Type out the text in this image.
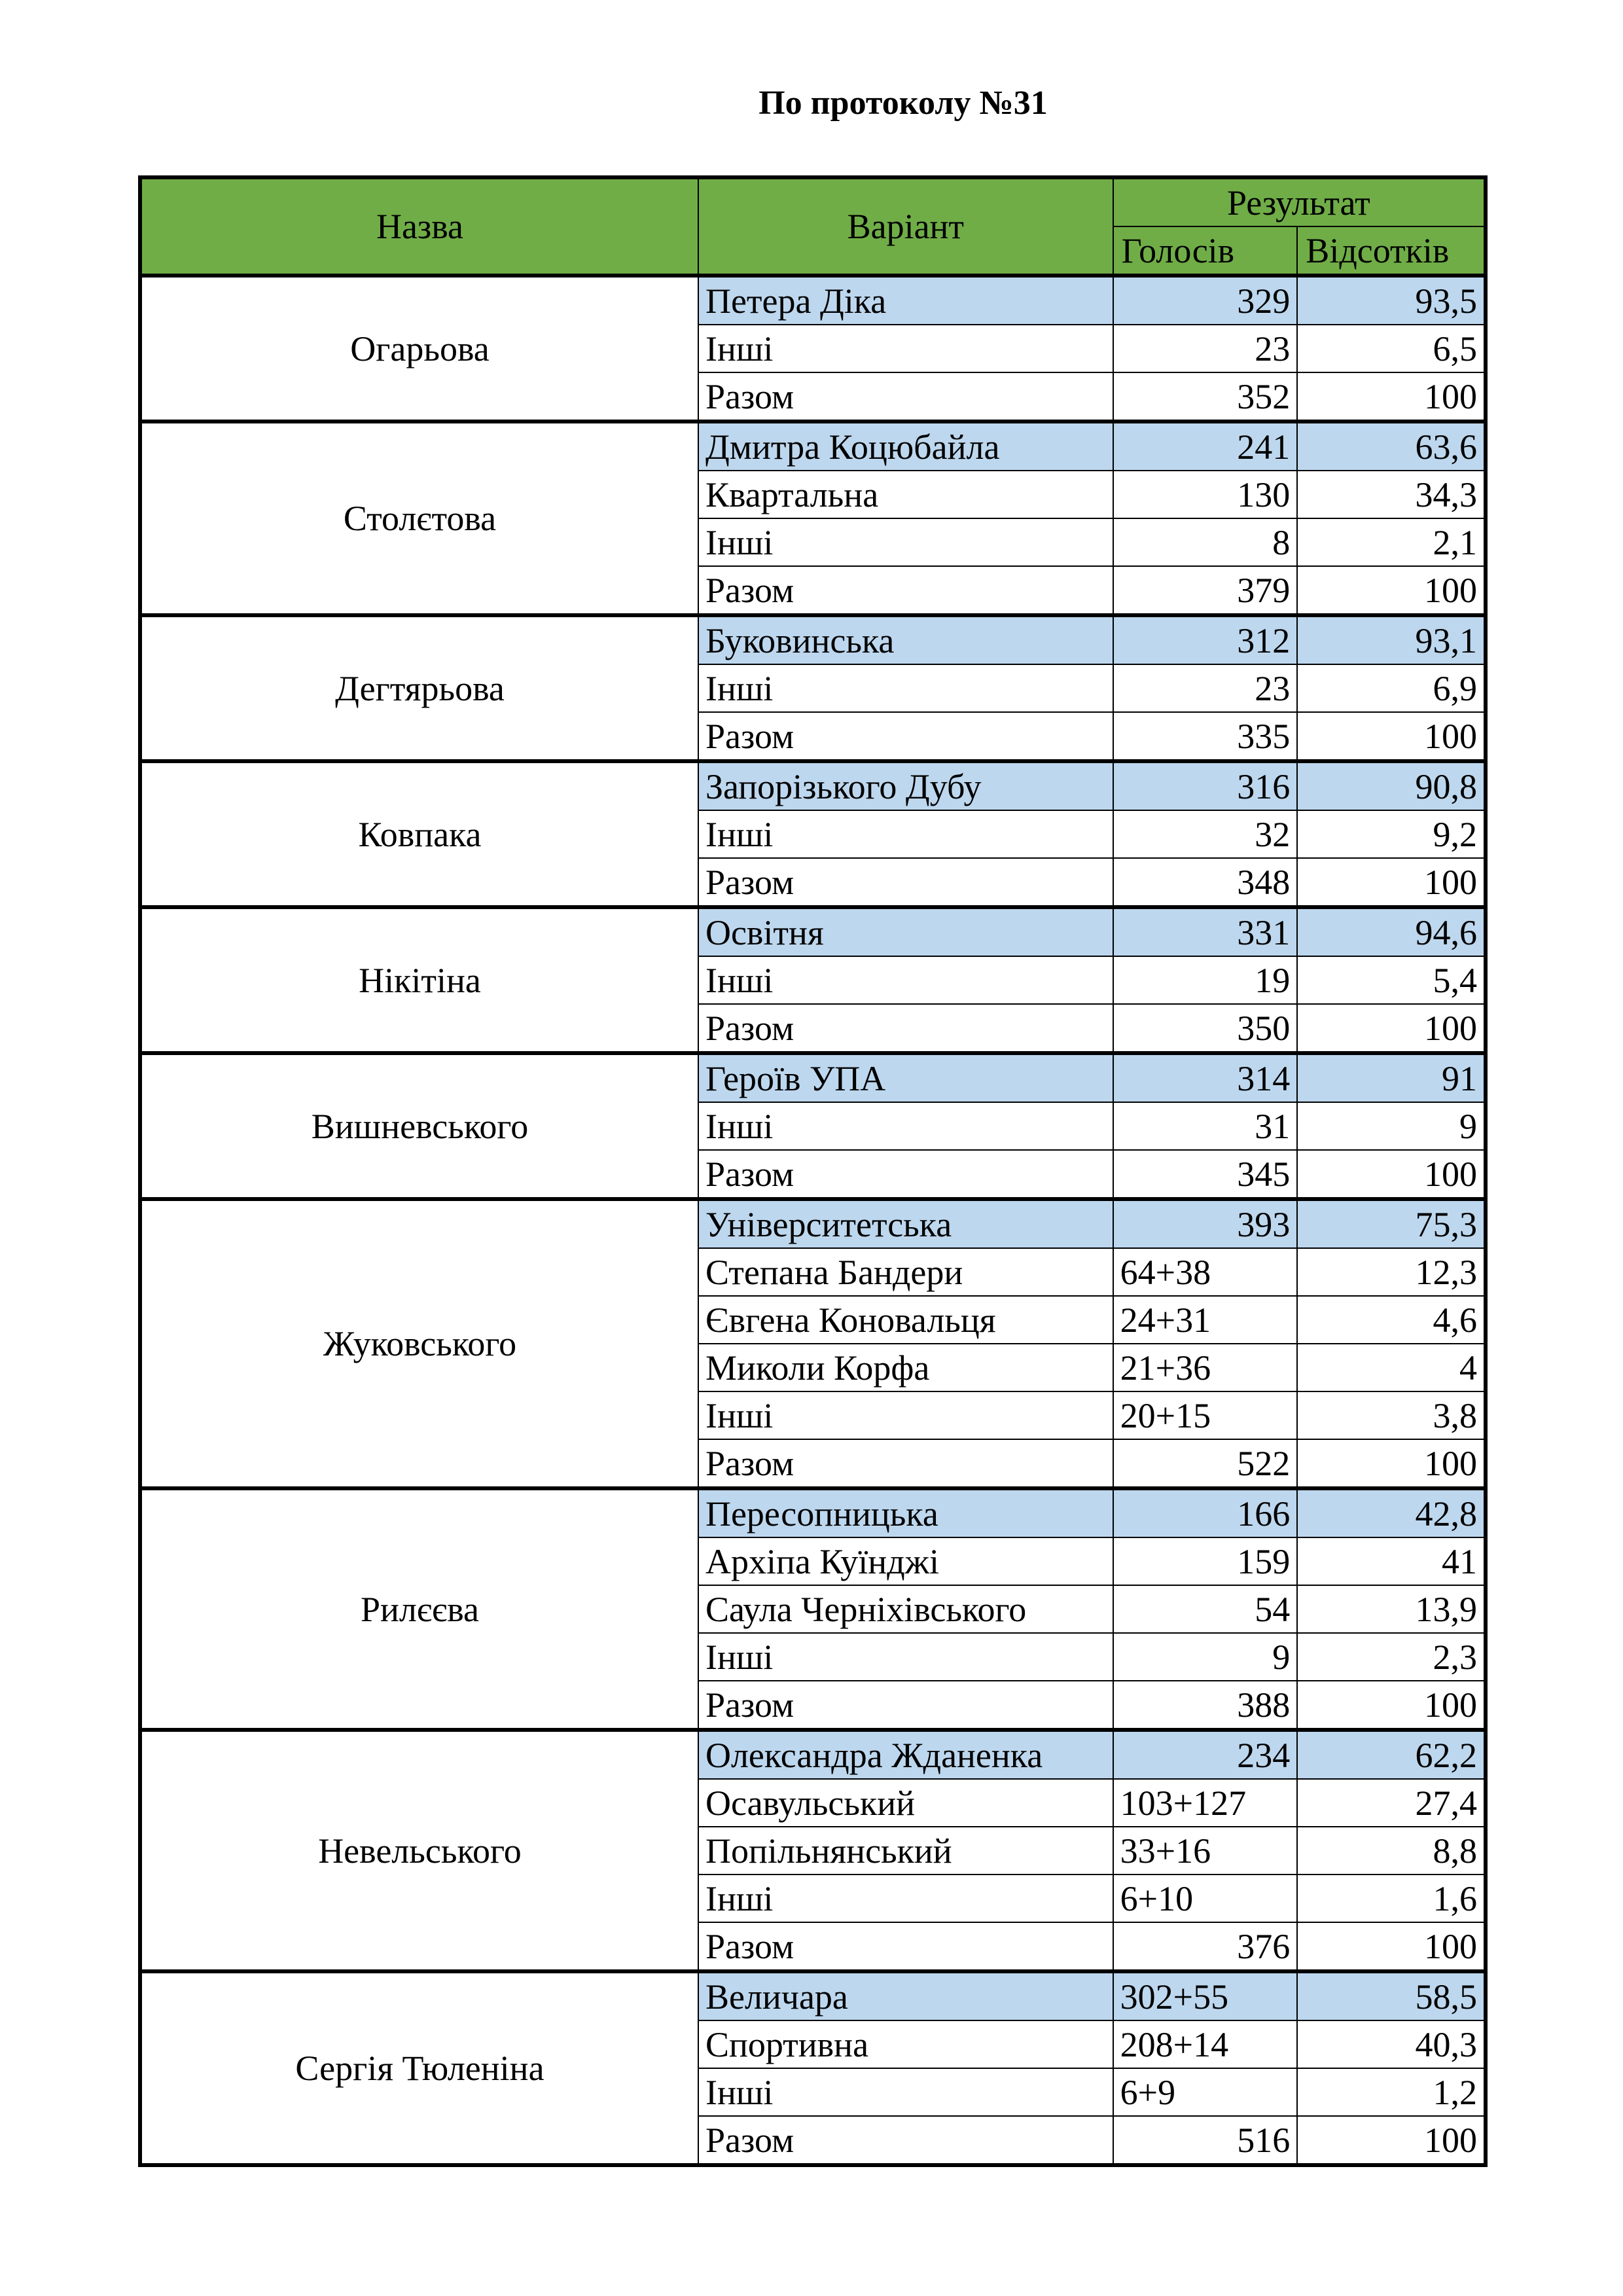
По протоколу №31
Назва	Варіант	Результат	
		Голосів	Відсотків
Огарьова	Петера Діка	329	93,5
	Інші	23	6,5
	Разом	352	100
Столєтова	Дмитра Коцюбайла	241	63,6
	Квартальна	130	34,3
	Інші	8	2,1
	Разом	379	100
Дегтярьова	Буковинська	312	93,1
	Інші	23	6,9
	Разом	335	100
Ковпака	Запорізького Дубу	316	90,8
	Інші	32	9,2
	Разом	348	100
Нікітіна	Освітня	331	94,6
	Інші	19	5,4
	Разом	350	100
Вишневського	Героїв УПА	314	91
	Інші	31	9
	Разом	345	100
Жуковського	Університетська	393	75,3
	Степана Бандери	64+38	12,3
	Євгена Коновальця	24+31	4,6
	Миколи Корфа	21+36	4
	Інші	20+15	3,8
	Разом	522	100
Рилєєва	Пересопницька	166	42,8
	Архіпа Куїнджі	159	41
	Саула Черніхівського	54	13,9
	Інші	9	2,3
	Разом	388	100
Невельського	Олександра Жданенка	234	62,2
	Осавульський	103+127	27,4
	Попільнянський	33+16	8,8
	Інші	6+10	1,6
	Разом	376	100
Сергія Тюленіна	Величара	302+55	58,5
	Спортивна	208+14	40,3
	Інші	6+9	1,2
	Разом	516	100
